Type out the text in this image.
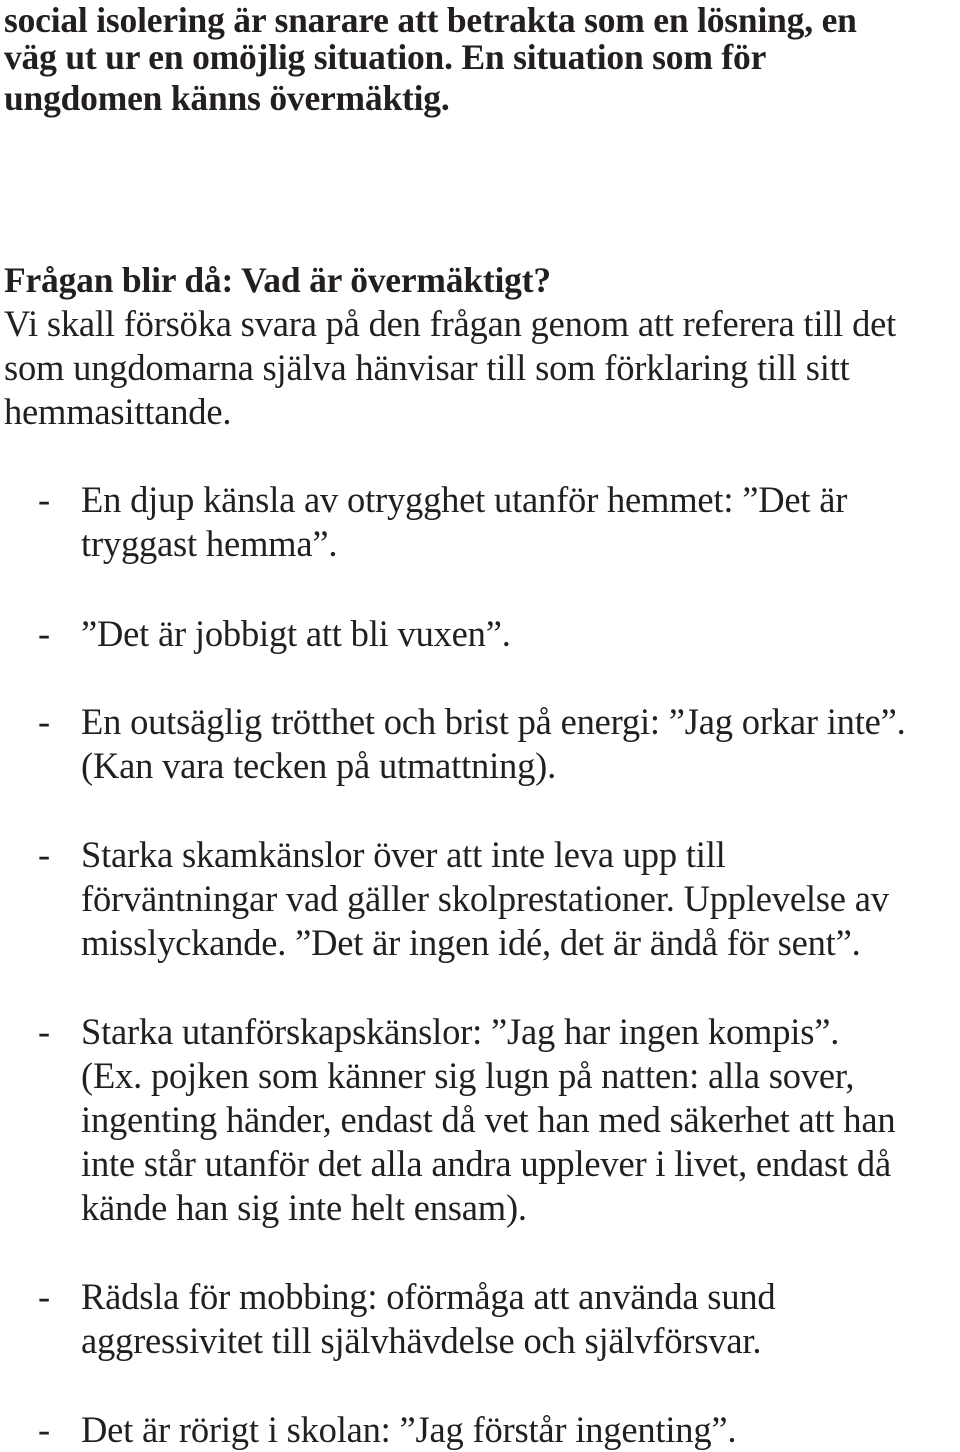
social isolering är snarare att betrakta som en lösning, en
väg ut ur en omöjlig situation. En situation som för
ungdomen känns övermäktig.
Frågan blir då: Vad är övermäktigt?
Vi skall försöka svara på den frågan genom att referera till det
som ungdomarna själva hänvisar till som förklaring till sitt
hemmasittande.
- En djup känsla av otrygghet utanför hemmet: ”Det är
tryggast hemma”.
- ”Det är jobbigt att bli vuxen”.
- En outsäglig trötthet och brist på energi: ”Jag orkar inte”.
(Kan vara tecken på utmattning).
- Starka skamkänslor över att inte leva upp till
förväntningar vad gäller skolprestationer. Upplevelse av
misslyckande. ”Det är ingen idé, det är ändå för sent”.
- Starka utanförskapskänslor: ”Jag har ingen kompis”.
(Ex. pojken som känner sig lugn på natten: alla sover,
ingenting händer, endast då vet han med säkerhet att han
inte står utanför det alla andra upplever i livet, endast då
kände han sig inte helt ensam).
- Rädsla för mobbing: oförmåga att använda sund
aggressivitet till självhävdelse och självförsvar.
- Det är rörigt i skolan: ”Jag förstår ingenting”.
